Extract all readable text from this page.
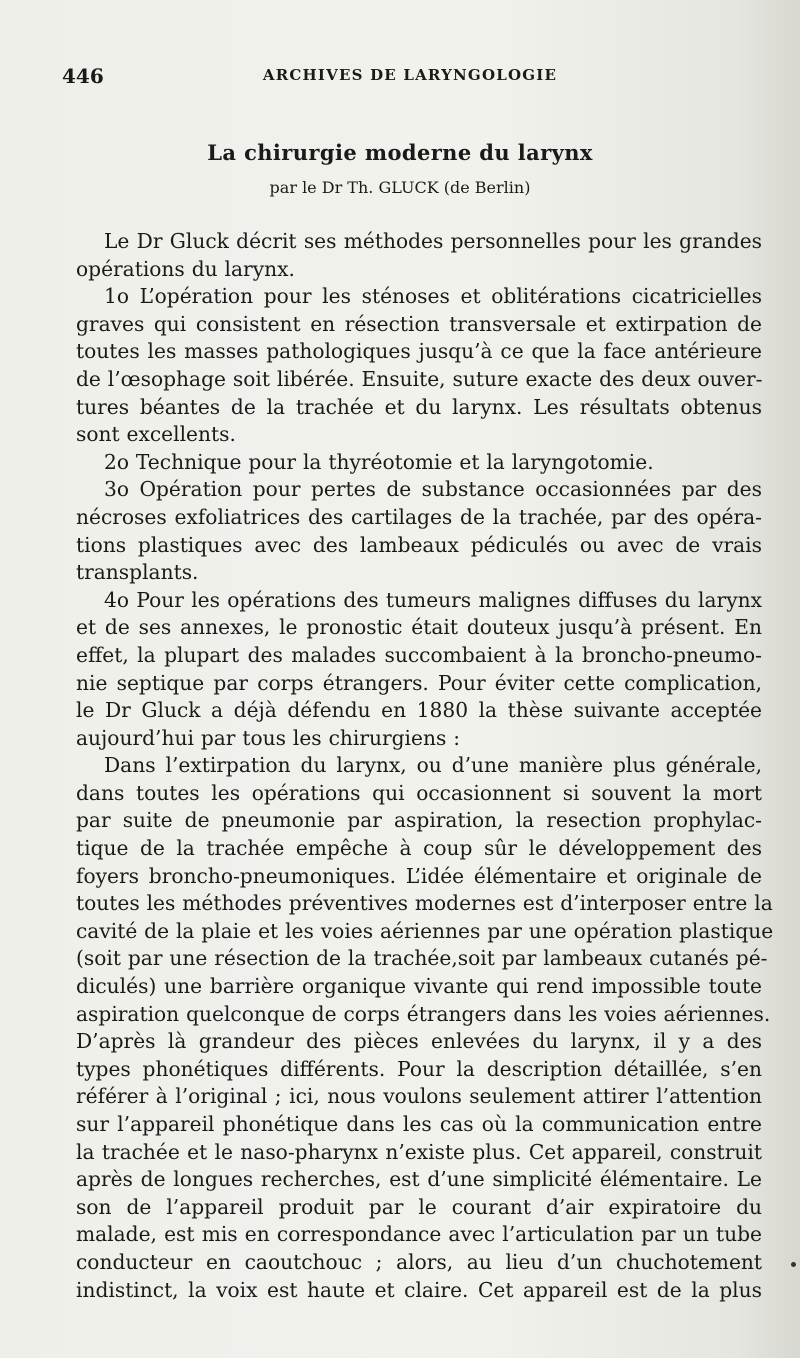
446	ARCHIVES DE LARYNGOLOGIE
La chirurgie moderne du larynx
par le Dr Th. GLUCK (de Berlin)
Le Dr Gluck décrit ses méthodes personnelles pour les grandes
opérations du larynx.
1o L’opération pour les sténoses et oblitérations cicatricielles
graves qui consistent en résection transversale et extirpation de
toutes les masses pathologiques jusqu’à ce que la face antérieure
de l’œsophage soit libérée. Ensuite, suture exacte des deux ouver-
tures béantes de la trachée et du larynx. Les résultats obtenus
sont excellents.
2o Technique pour la thyréotomie et la laryngotomie.
3o Opération pour pertes de substance occasionnées par des
nécroses exfoliatrices des cartilages de la trachée, par des opéra-
tions plastiques avec des lambeaux pédiculés ou avec de vrais
transplants.
4o Pour les opérations des tumeurs malignes diffuses du larynx
et de ses annexes, le pronostic était douteux jusqu’à présent. En
effet, la plupart des malades succombaient à la broncho-pneumo-
nie septique par corps étrangers. Pour éviter cette complication,
le Dr Gluck a déjà défendu en 1880 la thèse suivante acceptée
aujourd’hui par tous les chirurgiens :
Dans l’extirpation du larynx, ou d’une manière plus générale,
dans toutes les opérations qui occasionnent si souvent la mort
par suite de pneumonie par aspiration, la resection prophylac-
tique de la trachée empêche à coup sûr le développement des
foyers broncho-pneumoniques. L’idée élémentaire et originale de
toutes les méthodes préventives modernes est d’interposer entre la
cavité de la plaie et les voies aériennes par une opération plastique
(soit par une résection de la trachée,soit par lambeaux cutanés pé-
diculés) une barrière organique vivante qui rend impossible toute
aspiration quelconque de corps étrangers dans les voies aériennes.
D’après là grandeur des pièces enlevées du larynx, il y a des
types phonétiques différents. Pour la description détaillée, s’en
référer à l’original ; ici, nous voulons seulement attirer l’attention
sur l’appareil phonétique dans les cas où la communication entre
la trachée et le naso-pharynx n’existe plus. Cet appareil, construit
après de longues recherches, est d’une simplicité élémentaire. Le
son de l’appareil produit par le courant d’air expiratoire du
malade, est mis en correspondance avec l’articulation par un tube
conducteur en caoutchouc ; alors, au lieu d’un chuchotement
indistinct, la voix est haute et claire. Cet appareil est de la plus
